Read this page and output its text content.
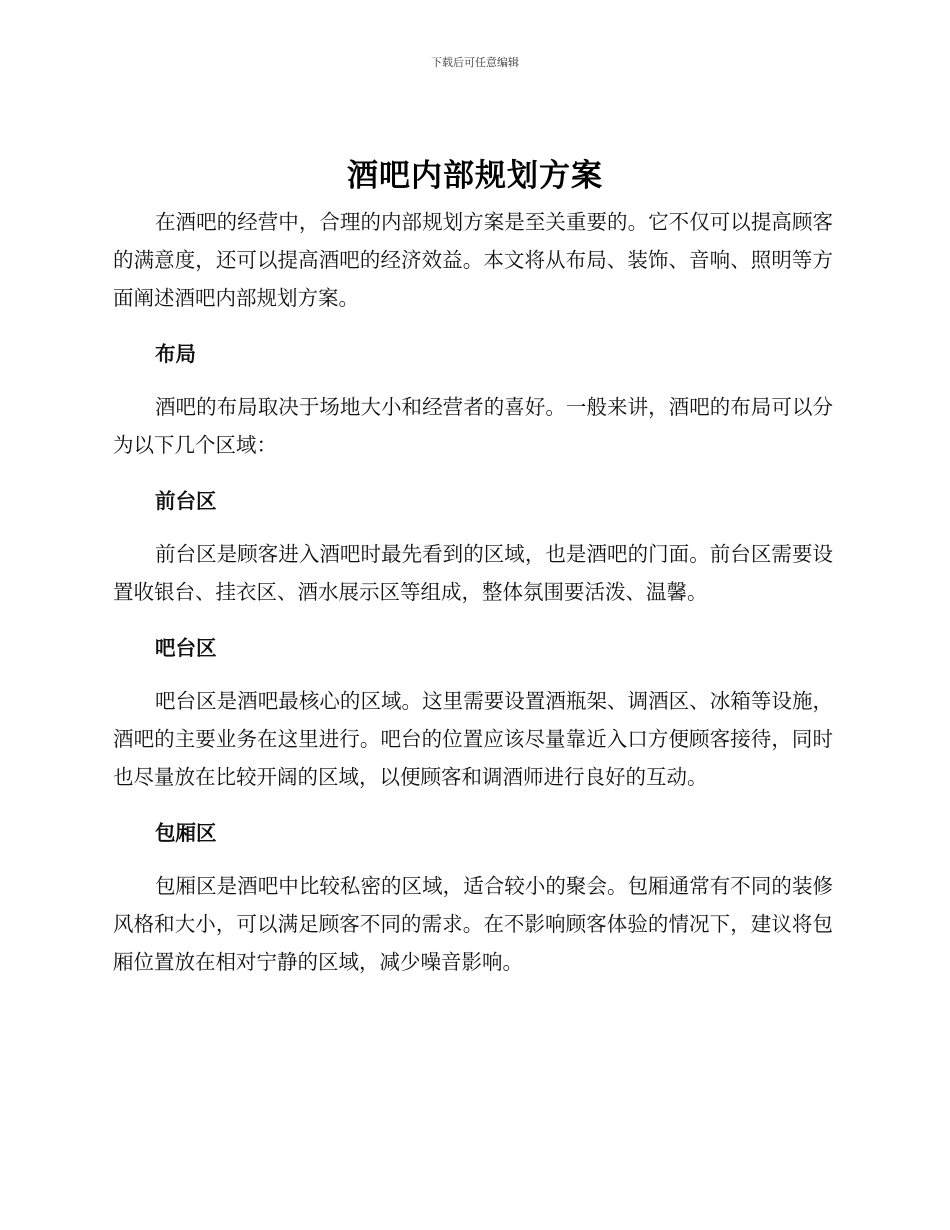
下载后可任意编辑
酒吧内部规划方案

在酒吧的经营中，合理的内部规划方案是至关重要的。它不仅可以提高顾客的满意度，还可以提高酒吧的经济效益。本文将从布局、装饰、音响、照明等方面阐述酒吧内部规划方案。

布局

酒吧的布局取决于场地大小和经营者的喜好。一般来讲，酒吧的布局可以分为以下几个区域：

前台区

前台区是顾客进入酒吧时最先看到的区域，也是酒吧的门面。前台区需要设置收银台、挂衣区、酒水展示区等组成，整体氛围要活泼、温馨。

吧台区

吧台区是酒吧最核心的区域。这里需要设置酒瓶架、调酒区、冰箱等设施，酒吧的主要业务在这里进行。吧台的位置应该尽量靠近入口方便顾客接待，同时也尽量放在比较开阔的区域，以便顾客和调酒师进行良好的互动。

包厢区

包厢区是酒吧中比较私密的区域，适合较小的聚会。包厢通常有不同的装修风格和大小，可以满足顾客不同的需求。在不影响顾客体验的情况下，建议将包厢位置放在相对宁静的区域，减少噪音影响。
